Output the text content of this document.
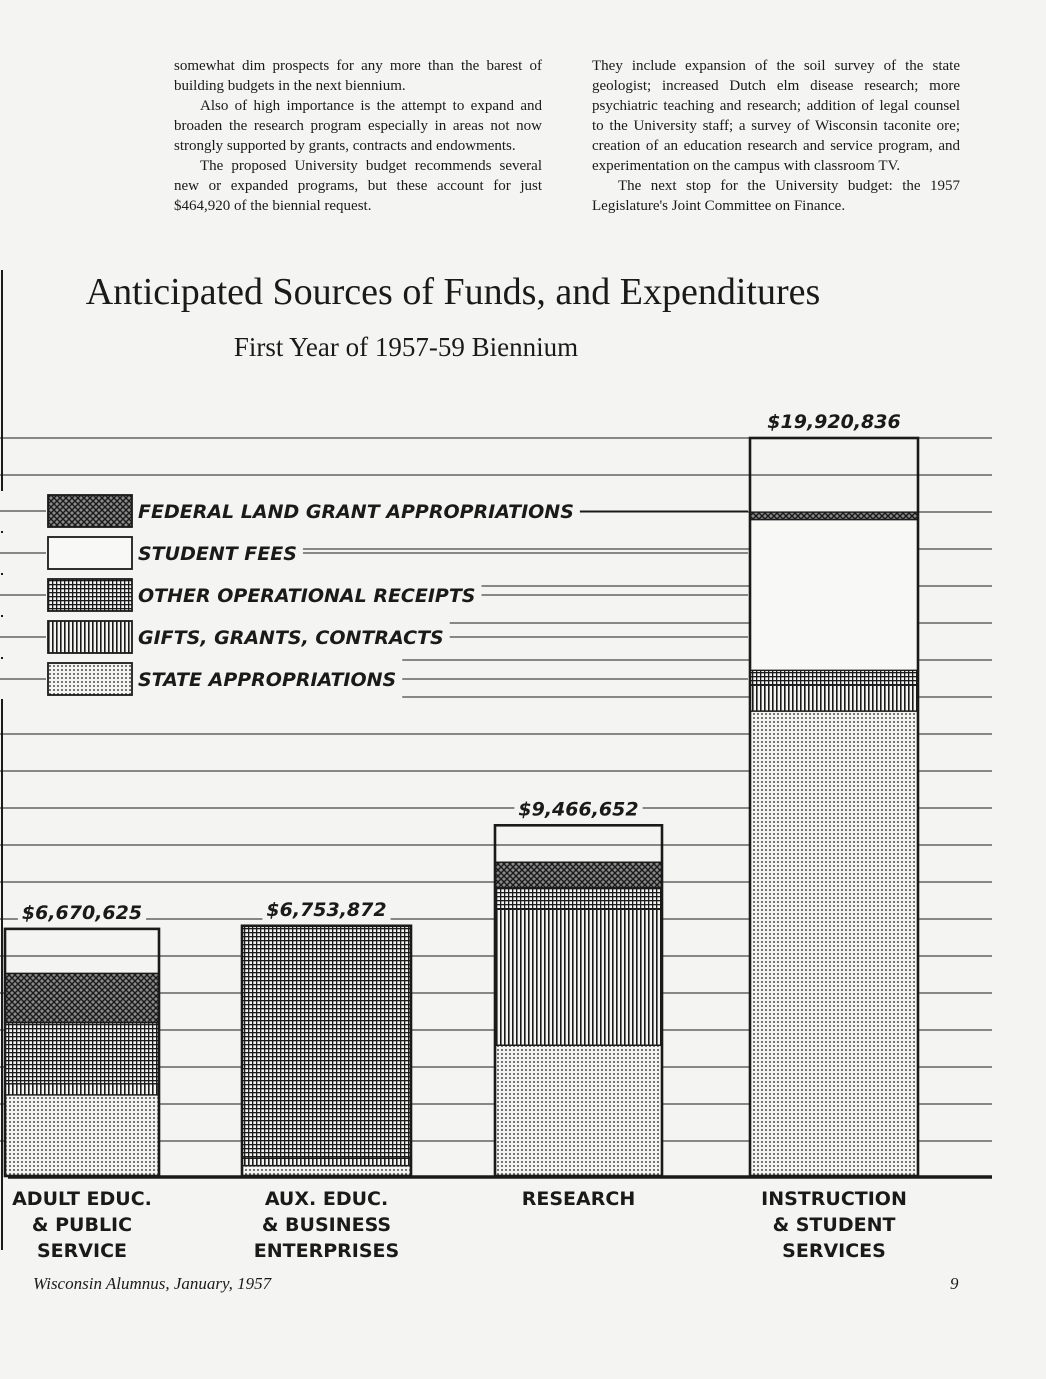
somewhat dim prospects for any more than the barest of building budgets in the next biennium.

Also of high importance is the attempt to expand and broaden the research program especially in areas not now strongly supported by grants, contracts and endowments.

The proposed University budget recommends several new or expanded programs, but these account for just $464,920 of the biennial request.

They include expansion of the soil survey of the state geologist; increased Dutch elm disease research; more psychiatric teaching and research; addition of legal counsel to the University staff; a survey of Wisconsin taconite ore; creation of an education research and service program, and experimentation on the campus with classroom TV.

The next stop for the University budget: the 1957 Legislature's Joint Committee on Finance.

Anticipated Sources of Funds, and Expenditures
First Year of 1957-59 Biennium
FEDERAL LAND GRANT APPROPRIATIONS
STUDENT FEES
OTHER OPERATIONAL RECEIPTS
GIFTS, GRANTS, CONTRACTS
STATE APPROPRIATIONS
$6,670,625
ADULT EDUC.
& PUBLIC
SERVICE
$6,753,872
AUX. EDUC.
& BUSINESS
ENTERPRISES
$9,466,652
RESEARCH
$19,920,836
INSTRUCTION
& STUDENT
SERVICES
Wisconsin Alumnus, January, 1957	9
